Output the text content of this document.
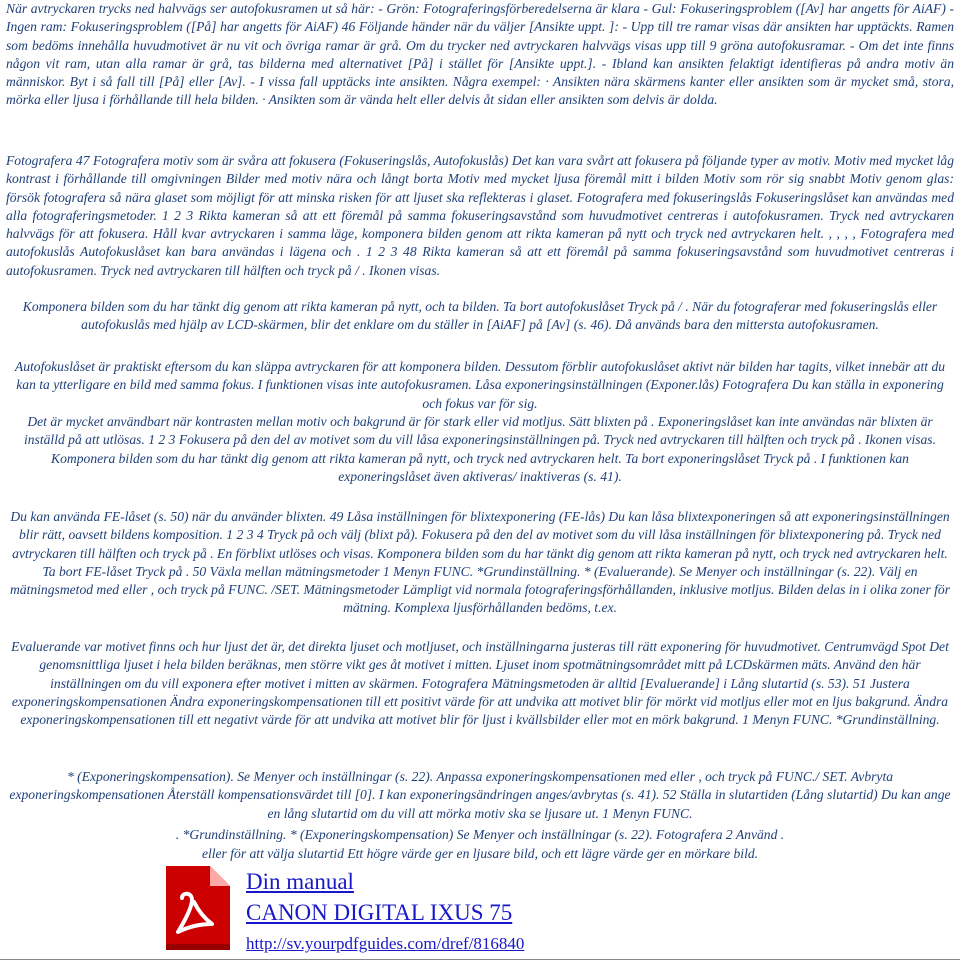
När avtryckaren trycks ned halvvägs ser autofokusramen ut så här: - Grön: Fotograferingsförberedelserna är klara - Gul: Fokuseringsproblem ([Av] har angetts för AiAF) - Ingen ram: Fokuseringsproblem ([På] har angetts för AiAF) 46 Följande händer när du väljer [Ansikte uppt. ]: - Upp till tre ramar visas där ansikten har upptäckts. Ramen som bedöms innehålla huvudmotivet är nu vit och övriga ramar är grå. Om du trycker ned avtryckaren halvvägs visas upp till 9 gröna autofokusramar. - Om det inte finns någon vit ram, utan alla ramar är grå, tas bilderna med alternativet [På] i stället för [Ansikte uppt.]. - Ibland kan ansikten felaktigt identifieras på andra motiv än människor. Byt i så fall till [På] eller [Av]. - I vissa fall upptäcks inte ansikten. Några exempel: · Ansikten nära skärmens kanter eller ansikten som är mycket små, stora, mörka eller ljusa i förhållande till hela bilden. · Ansikten som är vända helt eller delvis åt sidan eller ansikten som delvis är dolda.

Fotografera 47 Fotografera motiv som är svåra att fokusera (Fokuseringslås, Autofokuslås) Det kan vara svårt att fokusera på följande typer av motiv. Motiv med mycket låg kontrast i förhållande till omgivningen Bilder med motiv nära och långt borta Motiv med mycket ljusa föremål mitt i bilden Motiv som rör sig snabbt Motiv genom glas: försök fotografera så nära glaset som möjligt för att minska risken för att ljuset ska reflekteras i glaset. Fotografera med fokuseringslås Fokuseringslåset kan användas med alla fotograferingsmetoder. 1 2 3 Rikta kameran så att ett föremål på samma fokuseringsavstånd som huvudmotivet centreras i autofokusramen. Tryck ned avtryckaren halvvägs för att fokusera. Håll kvar avtryckaren i samma läge, komponera bilden genom att rikta kameran på nytt och tryck ned avtryckaren helt. , , , , Fotografera med autofokuslås Autofokuslåset kan bara användas i lägena och . 1 2 3 48 Rikta kameran så att ett föremål på samma fokuseringsavstånd som huvudmotivet centreras i autofokusramen. Tryck ned avtryckaren till hälften och tryck på / . Ikonen visas.

Komponera bilden som du har tänkt dig genom att rikta kameran på nytt, och ta bilden. Ta bort autofokuslåset Tryck på / . När du fotograferar med fokuseringslås eller autofokuslås med hjälp av LCD-skärmen, blir det enklare om du ställer in [AiAF] på [Av] (s. 46). Då används bara den mittersta autofokusramen.

Autofokuslåset är praktiskt eftersom du kan släppa avtryckaren för att komponera bilden. Dessutom förblir autofokuslåset aktivt när bilden har tagits, vilket innebär att du kan ta ytterligare en bild med samma fokus. I funktionen visas inte autofokusramen. Låsa exponeringsinställningen (Exponer.lås) Fotografera Du kan ställa in exponering och fokus var för sig.

Det är mycket användbart när kontrasten mellan motiv och bakgrund är för stark eller vid motljus. Sätt blixten på . Exponeringslåset kan inte användas när blixten är inställd på att utlösas. 1 2 3 Fokusera på den del av motivet som du vill låsa exponeringsinställningen på. Tryck ned avtryckaren till hälften och tryck på . Ikonen visas. Komponera bilden som du har tänkt dig genom att rikta kameran på nytt, och tryck ned avtryckaren helt. Ta bort exponeringslåset Tryck på . I funktionen kan exponeringslåset även aktiveras/ inaktiveras (s. 41).

Du kan använda FE-låset (s. 50) när du använder blixten. 49 Låsa inställningen för blixtexponering (FE-lås) Du kan låsa blixtexponeringen så att exponeringsinställningen blir rätt, oavsett bildens komposition. 1 2 3 4 Tryck på och välj (blixt på). Fokusera på den del av motivet som du vill låsa inställningen för blixtexponering på. Tryck ned avtryckaren till hälften och tryck på . En förblixt utlöses och visas. Komponera bilden som du har tänkt dig genom att rikta kameran på nytt, och tryck ned avtryckaren helt. Ta bort FE-låset Tryck på . 50 Växla mellan mätningsmetoder 1 Menyn FUNC. *Grundinställning. * (Evaluerande). Se Menyer och inställningar (s. 22). Välj en mätningsmetod med eller , och tryck på FUNC. /SET. Mätningsmetoder Lämpligt vid normala fotograferingsförhållanden, inklusive motljus. Bilden delas in i olika zoner för mätning. Komplexa ljusförhållanden bedöms, t.ex.

Evaluerande var motivet finns och hur ljust det är, det direkta ljuset och motljuset, och inställningarna justeras till rätt exponering för huvudmotivet. Centrumvägd Spot Det genomsnittliga ljuset i hela bilden beräknas, men större vikt ges åt motivet i mitten. Ljuset inom spotmätningsområdet mitt på LCDskärmen mäts. Använd den här inställningen om du vill exponera efter motivet i mitten av skärmen. Fotografera Mätningsmetoden är alltid [Evaluerande] i Lång slutartid (s. 53). 51 Justera exponeringskompensationen Ändra exponeringskompensationen till ett positivt värde för att undvika att motivet blir för mörkt vid motljus eller mot en ljus bakgrund. Ändra exponeringskompensationen till ett negativt värde för att undvika att motivet blir för ljust i kvällsbilder eller mot en mörk bakgrund. 1 Menyn FUNC. *Grundinställning.

* (Exponeringskompensation). Se Menyer och inställningar (s. 22). Anpassa exponeringskompensationen med eller , och tryck på FUNC./ SET. Avbryta exponeringskompensationen Återställ kompensationsvärdet till [0]. I kan exponeringsändringen anges/avbrytas (s. 41). 52 Ställa in slutartiden (Lång slutartid) Du kan ange en lång slutartid om du vill att mörka motiv ska se ljusare ut. 1 Menyn FUNC.

. *Grundinställning. * (Exponeringskompensation) Se Menyer och inställningar (s. 22). Fotografera 2 Använd .

eller för att välja slutartid Ett högre värde ger en ljusare bild, och ett lägre värde ger en mörkare bild.

Din manual
CANON DIGITAL IXUS 75
http://sv.yourpdfguides.com/dref/816840
